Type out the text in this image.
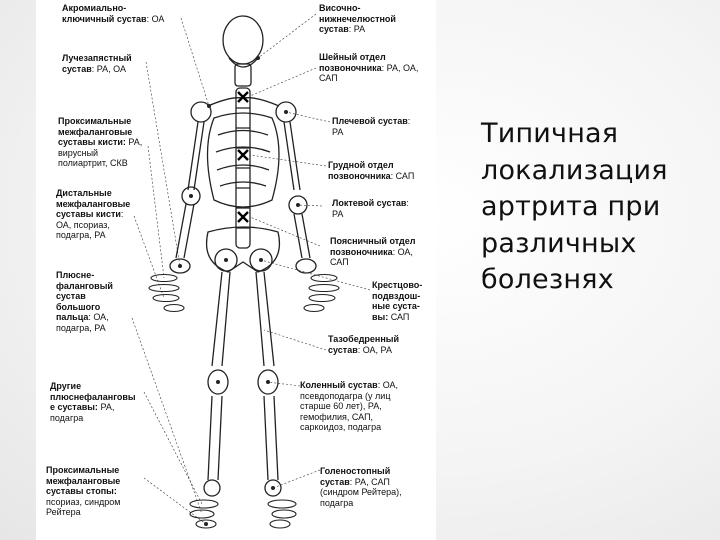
Акромиально-
ключичный сустав: ОА
Лучезапястный
сустав: РА, ОА
Проксимальные
межфаланговые
суставы кисти: РА,
вирусный
полиартрит, СКВ
Дистальные
межфаланговые
суставы кисти:
ОА, псориаз,
подагра, РА
Плюсне-
фаланговый
сустав
большого
пальца: ОА,
подагра, РА
Другие
плюснефаланговы
е суставы: РА,
подагра
Проксимальные
межфаланговые
суставы стопы:
псориаз, синдром
Рейтера
Височно-
нижнечелюстной
сустав: РА
Шейный отдел
позвоночника: РА, ОА,
САП
Плечевой сустав:
РА
Грудной отдел
позвоночника: САП
Локтевой сустав:
РА
Поясничный отдел
позвоночника: ОА,
САП
Крестцово-
подвздош-
ные суста-
вы: САП
Тазобедренный
сустав: ОА, РА
Коленный сустав: ОА,
псевдоподагра (у лиц
старше 60 лет), РА,
гемофилия, САП,
саркоидоз, подагра
Голеностопный
сустав: РА, САП
(синдром Рейтера),
подагра
Типичная локализация артрита при различных болезнях
